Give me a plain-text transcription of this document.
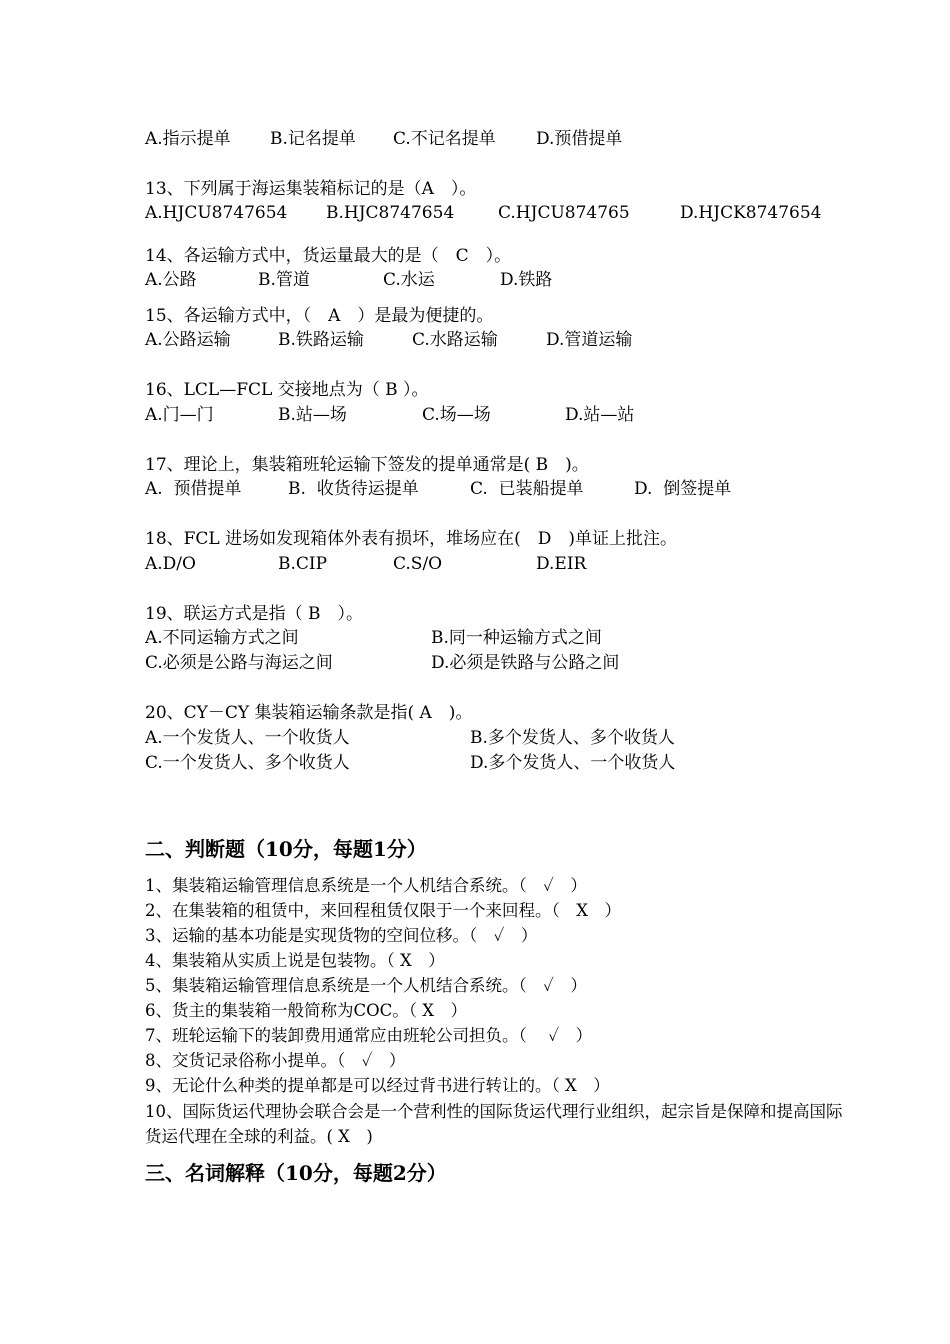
A.指示提单 B.记名提单 C.不记名提单 D.预借提单
13、下列属于海运集装箱标记的是（A　）。
A.HJCU8747654 B.HJC8747654	C.HJCU874765	D.HJCK8747654
14、各运输方式中，货运量最大的是（　C　）。
A.公路	B.管道	C.水运	D.铁路
15、各运输方式中，（　A　）是最为便捷的。
A.公路运输	B.铁路运输	C.水路运输	D.管道运输
16、LCL—FCL 交接地点为（ B ）。
A.门—门	B.站—场	C.场—场	D.站—站
17、理论上，集装箱班轮运输下签发的提单通常是( B　)。
A.  预借提单	B.  收货待运提单	C.  已装船提单	D.  倒签提单
18、FCL 进场如发现箱体外表有损坏，堆场应在(　D　)单证上批注。
A.D/O	B.CIP	C.S/O	D.EIR
19、联运方式是指（ B　）。
A.不同运输方式之间	B.同一种运输方式之间
C.必须是公路与海运之间	D.必须是铁路与公路之间
20、CY－CY 集装箱运输条款是指( A　)。
A.一个发货人、一个收货人	B.多个发货人、多个收货人
C.一个发货人、多个收货人	D.多个发货人、一个收货人
二、判断题（10分，每题1分）
1、集装箱运输管理信息系统是一个人机结合系统。（　✓　）
2、在集装箱的租赁中，来回程租赁仅限于一个来回程。（　X　）
3、运输的基本功能是实现货物的空间位移。（　✓　）
4、集装箱从实质上说是包装物。（ X　）
5、集装箱运输管理信息系统是一个人机结合系统。（　✓　）
6、货主的集装箱一般简称为COC。（ X　）
7、班轮运输下的装卸费用通常应由班轮公司担负。（　 ✓　）
8、交货记录俗称小提单。（　✓　）
9、无论什么种类的提单都是可以经过背书进行转让的。（ X　）
10、国际货运代理协会联合会是一个营利性的国际货运代理行业组织，起宗旨是保障和提高国际货运代理在全球的利益。( X　)
三、名词解释（10分，每题2分）
